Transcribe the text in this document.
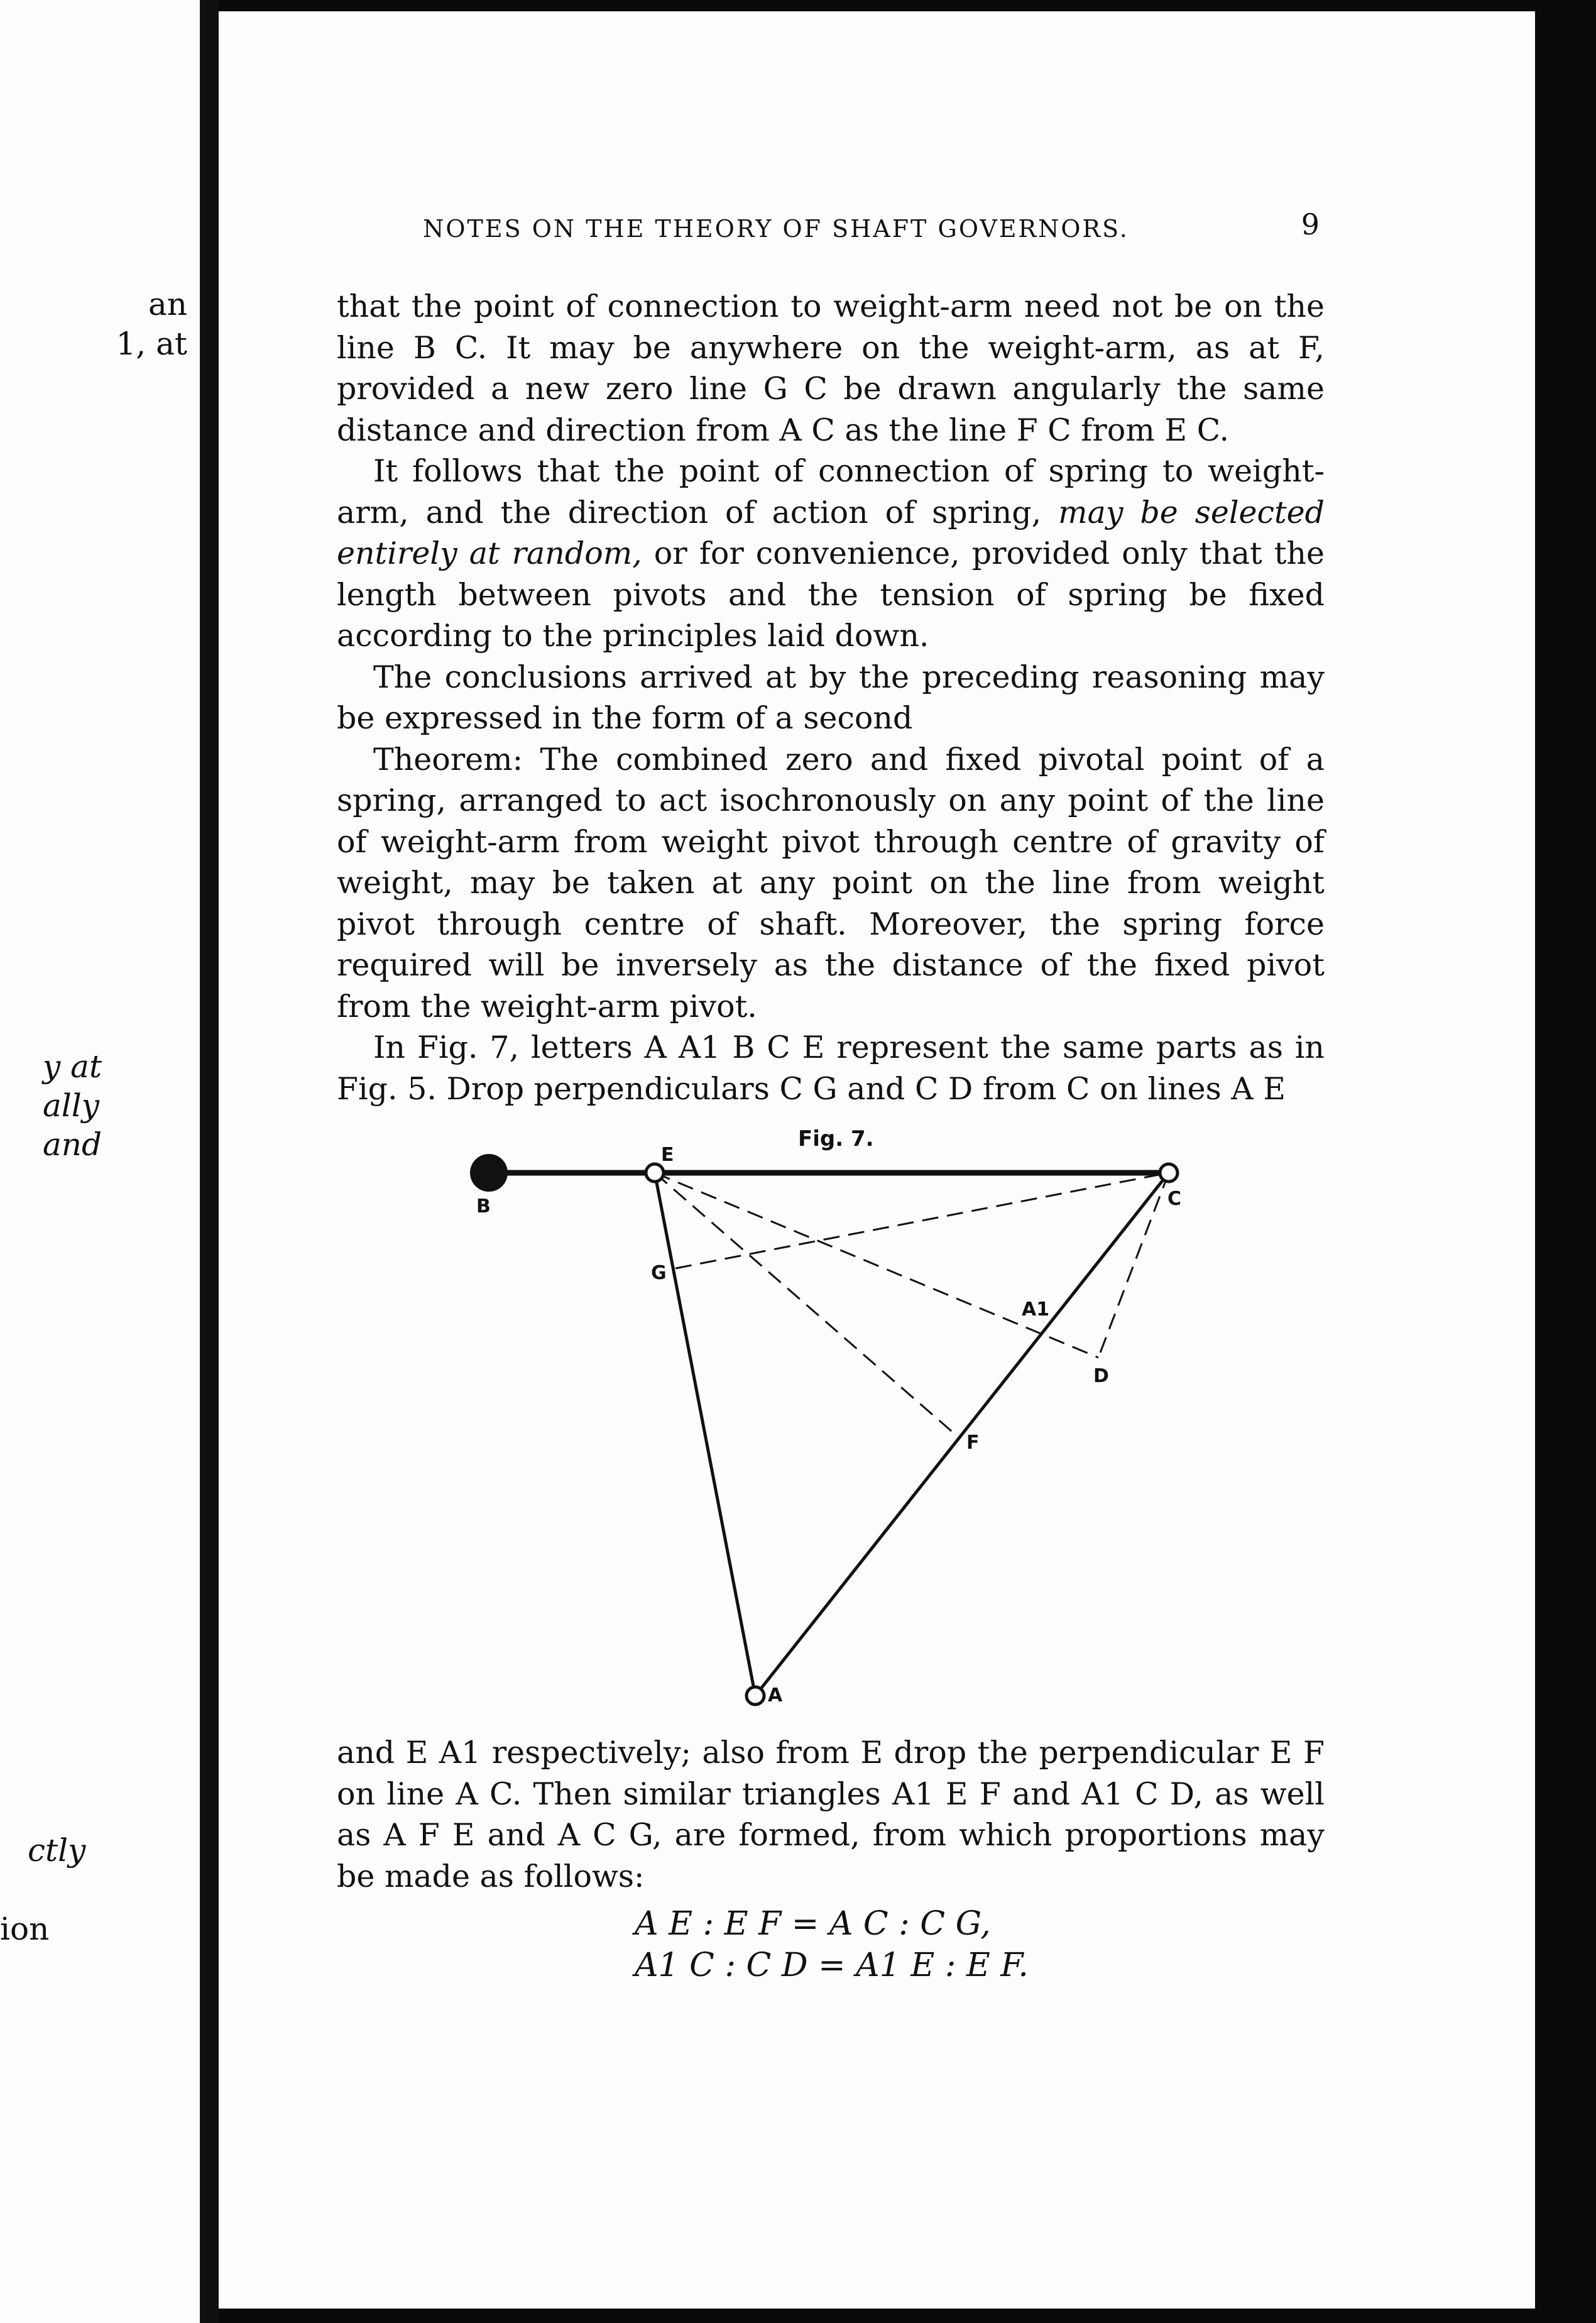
an
1, at
y at
ally
and
ctly
ion
NOTES ON THE THEORY OF SHAFT GOVERNORS.	9

that the point of connection to weight-arm need not be on the line B C. It may be anywhere on the weight-arm, as at F, provided a new zero line G C be drawn angularly the same distance and direction from A C as the line F C from E C.

It follows that the point of connection of spring to weight-arm, and the direction of action of spring, may be selected entirely at random, or for convenience, provided only that the length between pivots and the tension of spring be fixed according to the principles laid down.

The conclusions arrived at by the preceding reasoning may be expressed in the form of a second

Theorem: The combined zero and fixed pivotal point of a spring, arranged to act isochronously on any point of the line of weight-arm from weight pivot through centre of gravity of weight, may be taken at any point on the line from weight pivot through centre of shaft. Moreover, the spring force required will be inversely as the distance of the fixed pivot from the weight-arm pivot.

In Fig. 7, letters A A1 B C E represent the same parts as in Fig. 5. Drop perpendiculars C G and C D from C on lines A E

Fig. 7.
B
E
C
G
A1
D
F
A

and E A1 respectively; also from E drop the perpendicular E F on line A C. Then similar triangles A1 E F and A1 C D, as well as A F E and A C G, are formed, from which proportions may be made as follows:

A E : E F = A C : C G,
A1 C : C D = A1 E : E F.
